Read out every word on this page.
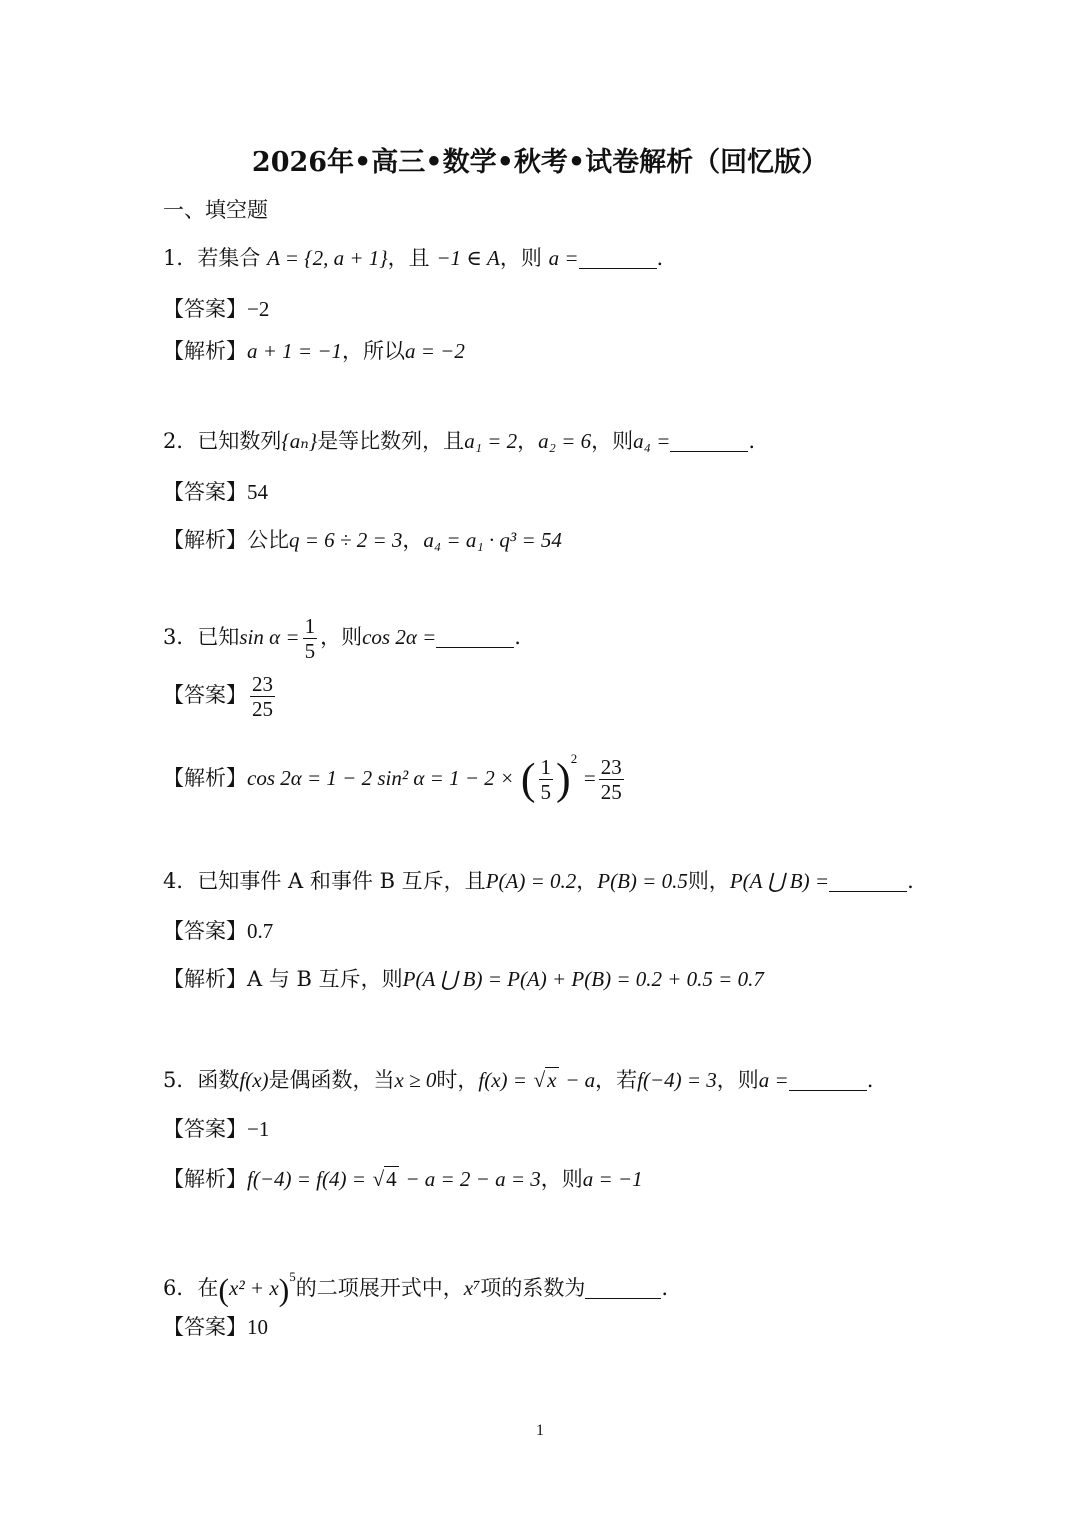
2026年•高三•数学•秋考•试卷解析（回忆版）
一、填空题
1．若集合 A = {2, a + 1}，且 −1 ∈ A，则 a =	.
【答案】−2
【解析】a + 1 = −1，所以a = −2
2．已知数列{aₙ}是等比数列，且a₁ = 2，a₂ = 6，则a₄ =	.
【答案】54
【解析】公比q = 6 ÷ 2 = 3，a₄ = a₁ · q³ = 54
3．已知$\sin \alpha = \frac{1}{5}$ ，则cos 2α =	.
【答案】 $\frac{23}{25}$
【解析】cos 2α = 1 − 2 sin² α = 1 − 2 × ( $\frac{1}{5} )^2 = \frac{23}{25}$
4．已知事件 A 和事件 B 互斥，且P(A) = 0.2，P(B) = 0.5则，P(A ⋃ B) =	.
【答案】0.7
【解析】A 与 B 互斥，则P(A ⋃ B) = P(A) + P(B) = 0.2 + 0.5 = 0.7
5．函数f(x)是偶函数，当x ≥ 0时，f(x) = √x − a，若f(−4) = 3，则a =	.
【答案】−1
【解析】f(−4) = f(4) = √4 − a = 2 − a = 3，则a = −1
6．在$(x^2 + x)^5$的二项展开式中，x⁷项的系数为	.
【答案】10
1
